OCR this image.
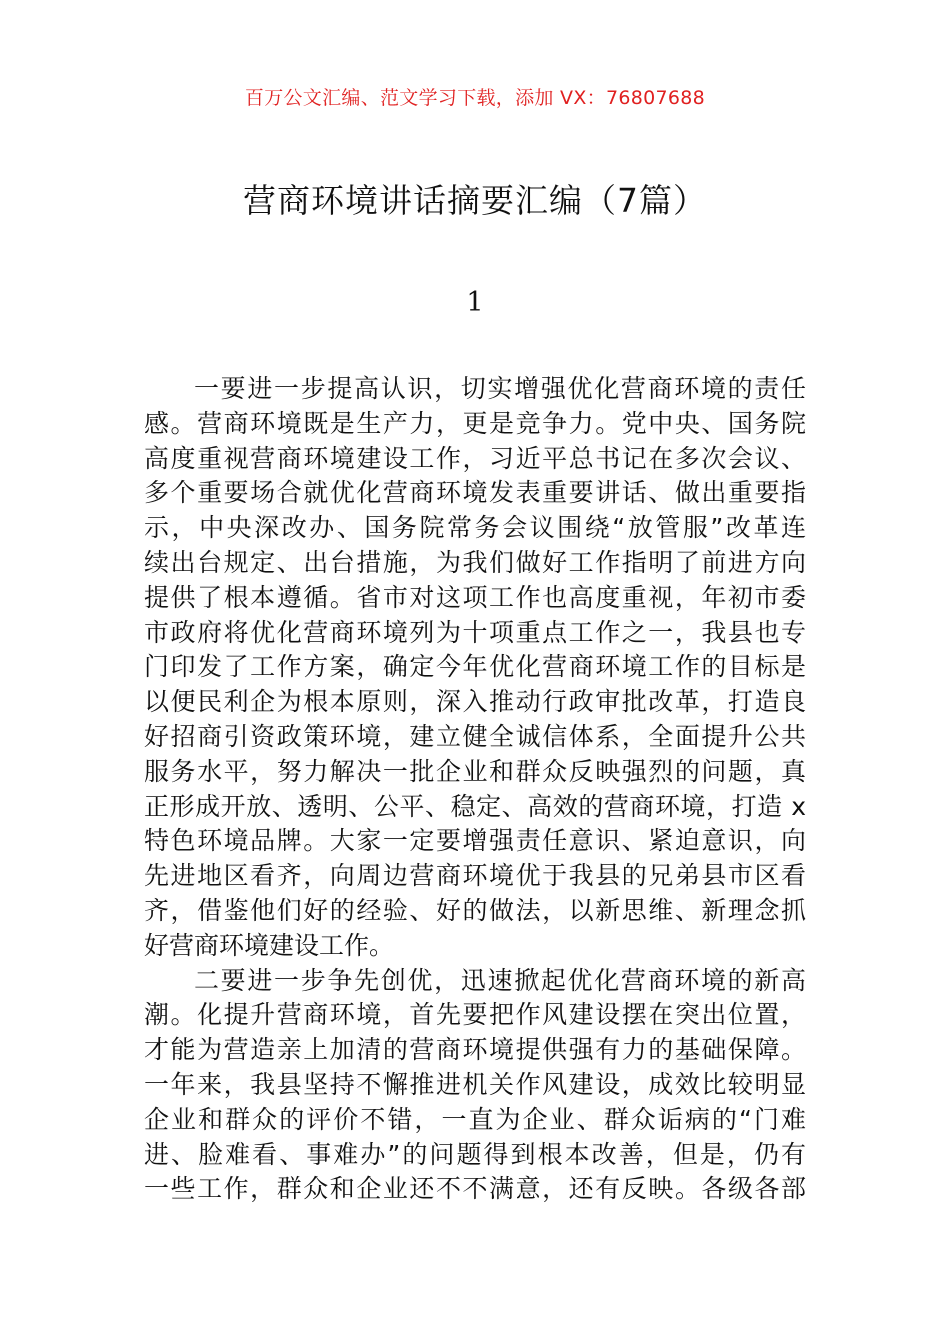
百万公文汇编、范文学习下载，添加 VX：76807688
营商环境讲话摘要汇编（7篇）
1
一要进一步提高认识，切实增强优化营商环境的责任
感。营商环境既是生产力，更是竞争力。党中央、国务院
高度重视营商环境建设工作，习近平总书记在多次会议、
多个重要场合就优化营商环境发表重要讲话、做出重要指
示，中央深改办、国务院常务会议围绕“放管服”改革连
续出台规定、出台措施，为我们做好工作指明了前进方向
提供了根本遵循。省市对这项工作也高度重视，年初市委
市政府将优化营商环境列为十项重点工作之一，我县也专
门印发了工作方案，确定今年优化营商环境工作的目标是
以便民利企为根本原则，深入推动行政审批改革，打造良
好招商引资政策环境，建立健全诚信体系，全面提升公共
服务水平，努力解决一批企业和群众反映强烈的问题，真
正形成开放、透明、公平、稳定、高效的营商环境，打造 x
特色环境品牌。大家一定要增强责任意识、紧迫意识，向
先进地区看齐，向周边营商环境优于我县的兄弟县市区看
齐，借鉴他们好的经验、好的做法，以新思维、新理念抓
好营商环境建设工作。
二要进一步争先创优，迅速掀起优化营商环境的新高
潮。化提升营商环境，首先要把作风建设摆在突出位置，
才能为营造亲上加清的营商环境提供强有力的基础保障。
一年来，我县坚持不懈推进机关作风建设，成效比较明显
企业和群众的评价不错，一直为企业、群众诟病的“门难
进、脸难看、事难办”的问题得到根本改善，但是，仍有
一些工作，群众和企业还不不满意，还有反映。各级各部
